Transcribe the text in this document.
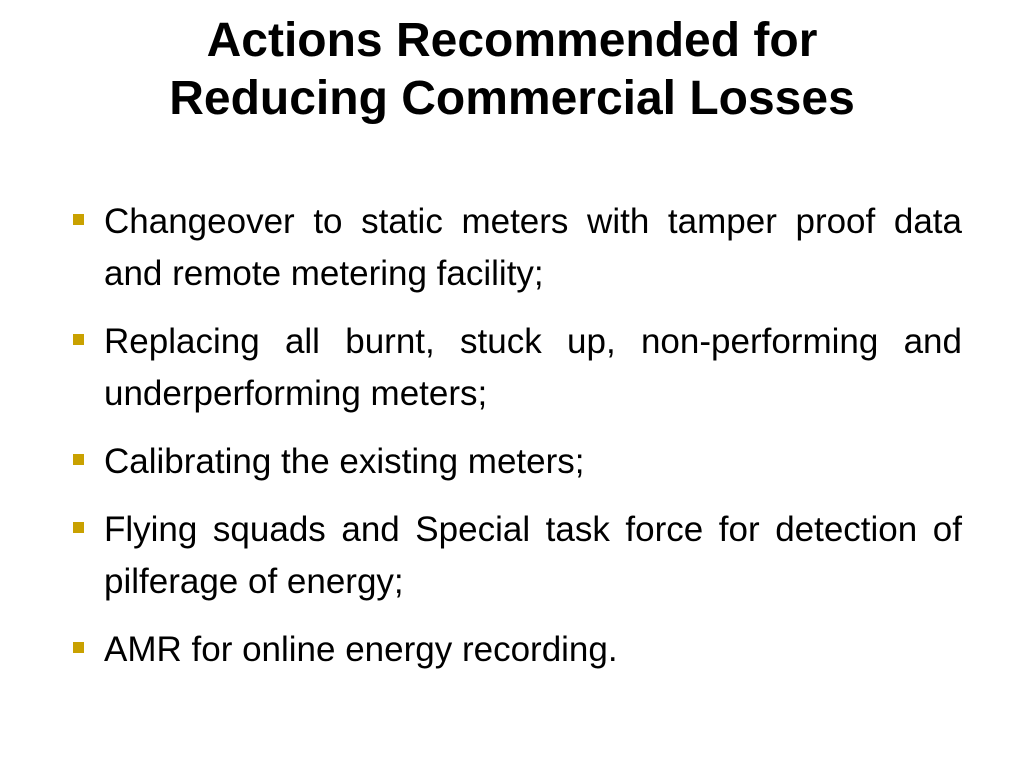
Actions Recommended for
Reducing Commercial Losses
Changeover to static meters with tamper proof data and remote metering facility;
Replacing all burnt, stuck up, non-performing and underperforming meters;
Calibrating the existing meters;
Flying squads and Special task force for detection of pilferage of energy;
AMR for online energy recording.
